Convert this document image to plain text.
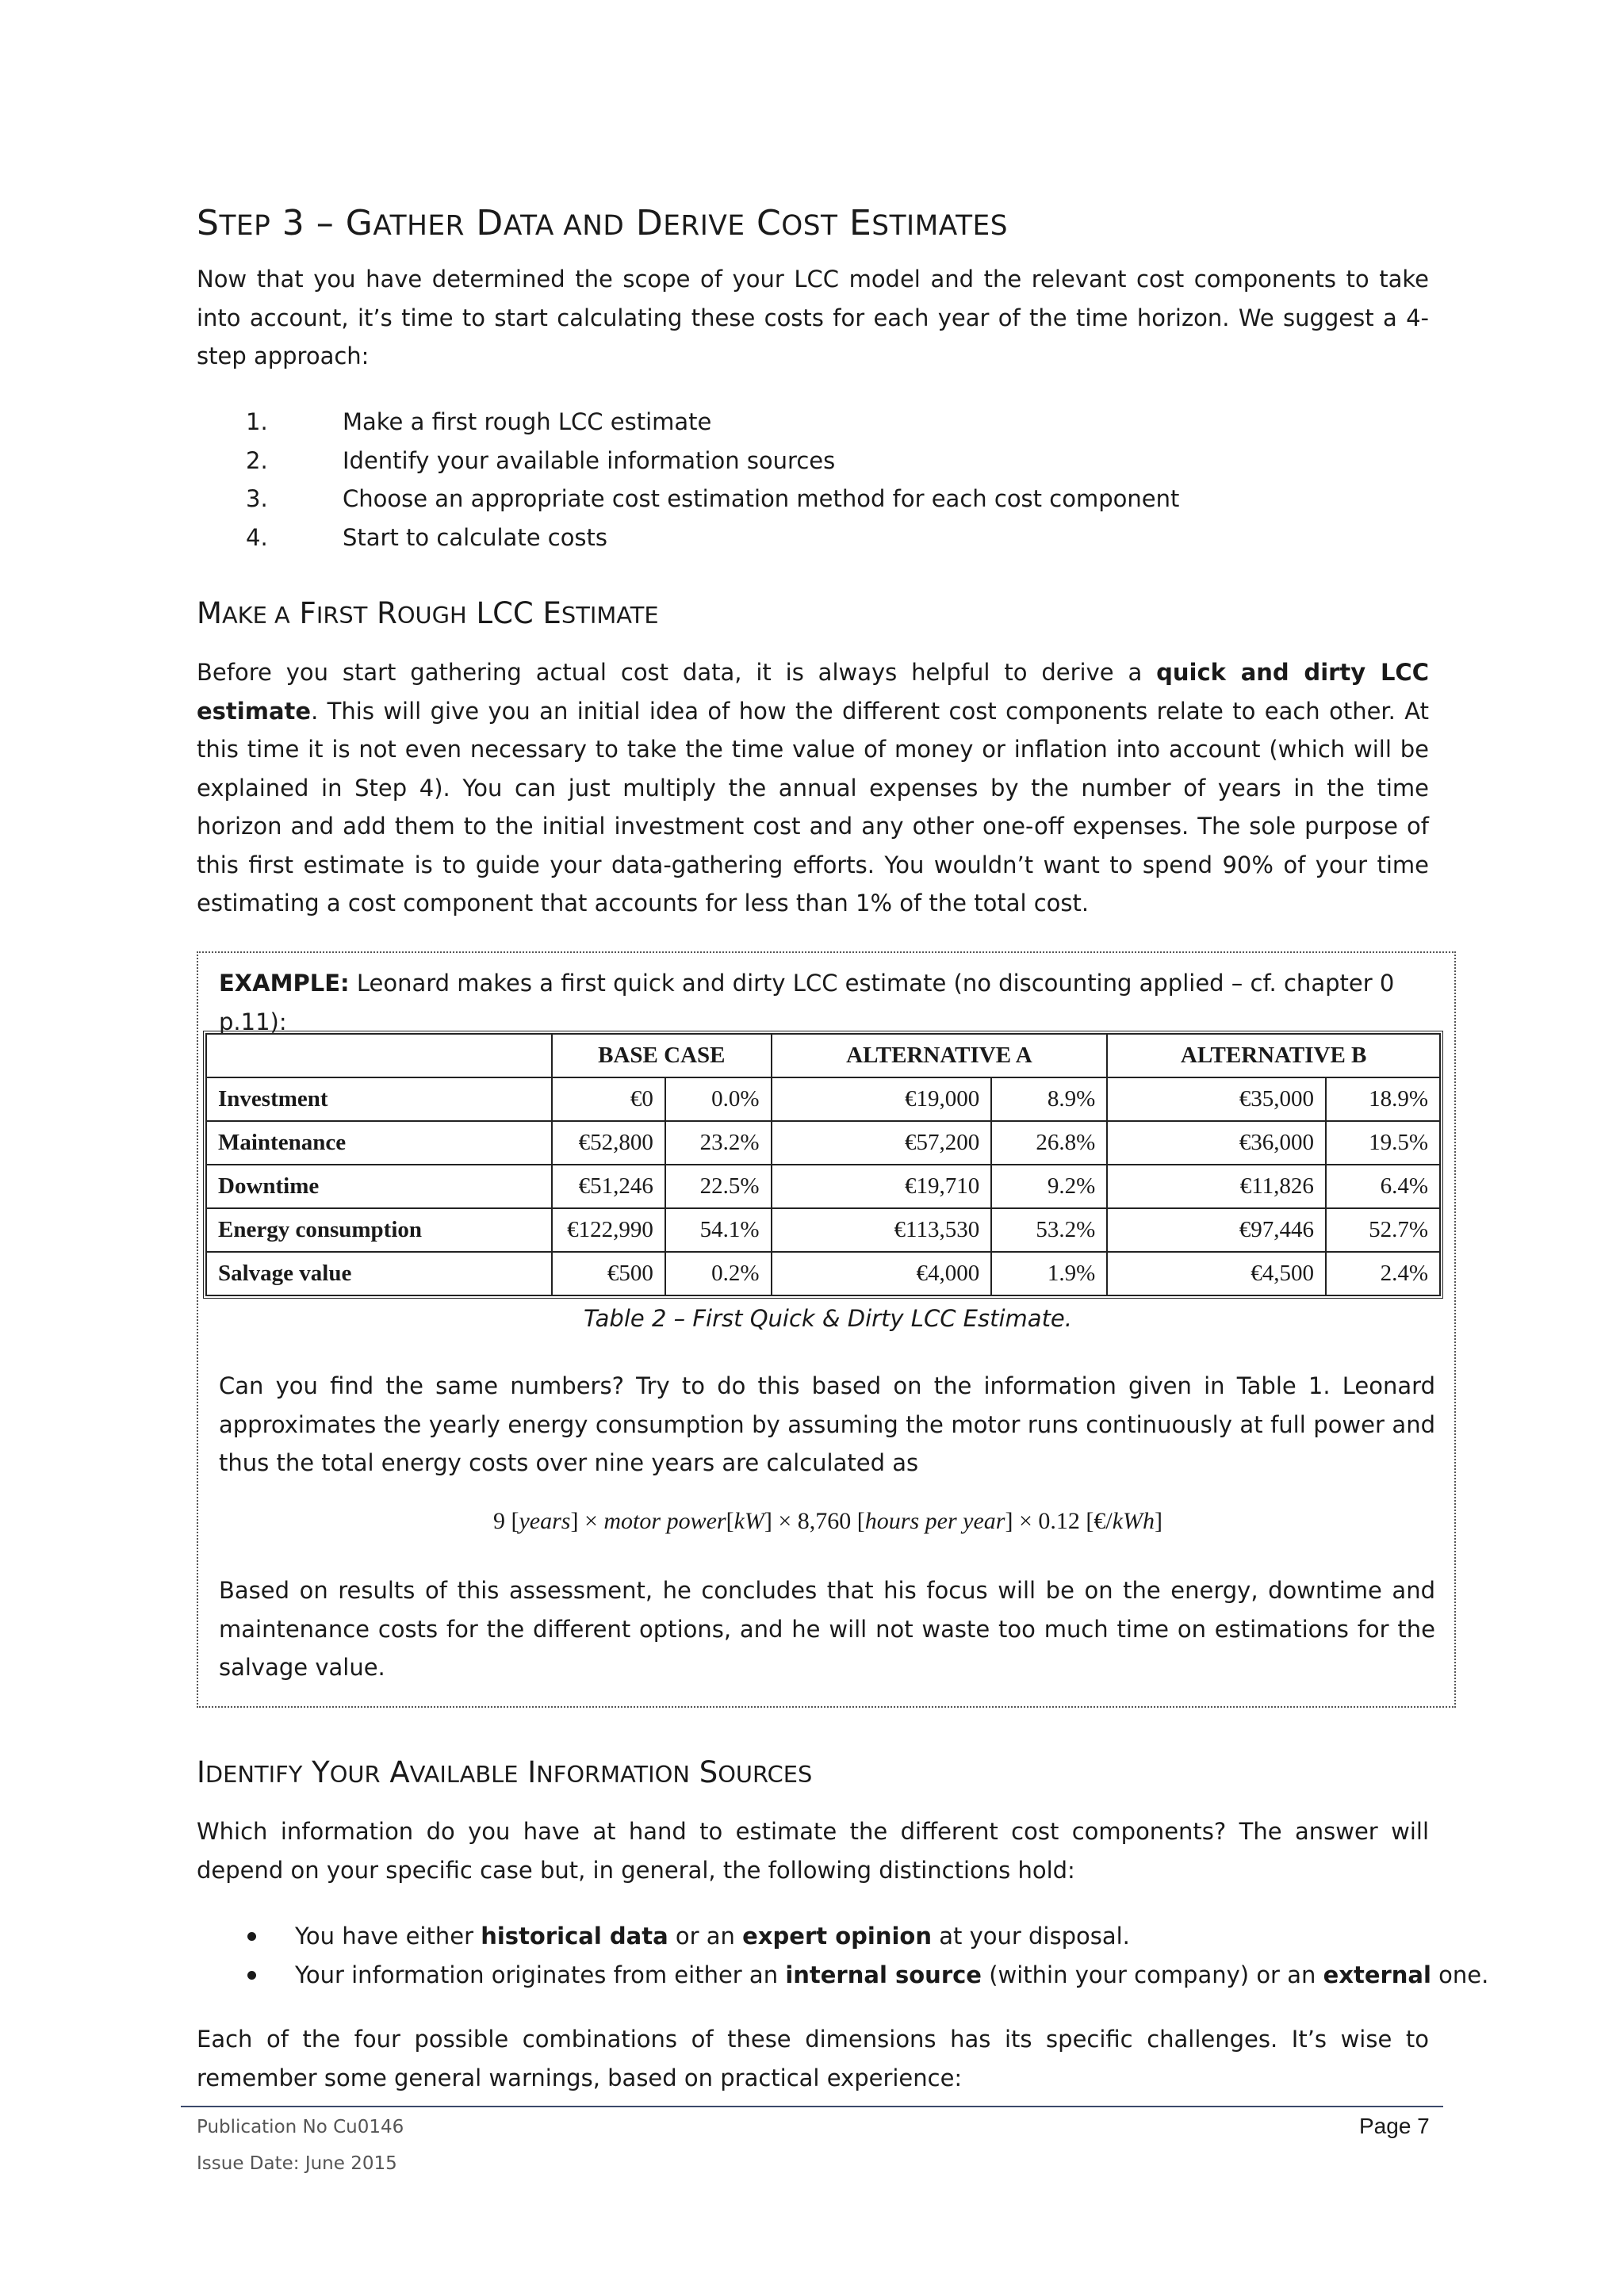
STEP 3 – GATHER DATA AND DERIVE COST ESTIMATES

Now that you have determined the scope of your LCC model and the relevant cost components to take into account, it’s time to start calculating these costs for each year of the time horizon. We suggest a 4-step approach:

1.	Make a first rough LCC estimate
2.	Identify your available information sources
3.	Choose an appropriate cost estimation method for each cost component
4.	Start to calculate costs
MAKE A FIRST ROUGH LCC ESTIMATE

Before you start gathering actual cost data, it is always helpful to derive a quick and dirty LCC estimate. This will give you an initial idea of how the different cost components relate to each other. At this time it is not even necessary to take the time value of money or inflation into account (which will be explained in Step 4). You can just multiply the annual expenses by the number of years in the time horizon and add them to the initial investment cost and any other one-off expenses. The sole purpose of this first estimate is to guide your data-gathering efforts. You wouldn’t want to spend 90% of your time estimating a cost component that accounts for less than 1% of the total cost.

EXAMPLE: Leonard makes a first quick and dirty LCC estimate (no discounting applied – cf. chapter 0 p.11):
	BASE CASE		ALTERNATIVE A		ALTERNATIVE B	
Investment	€0	0.0%	€19,000	8.9%	€35,000	18.9%
Maintenance	€52,800	23.2%	€57,200	26.8%	€36,000	19.5%
Downtime	€51,246	22.5%	€19,710	9.2%	€11,826	6.4%
Energy consumption	€122,990	54.1%	€113,530	53.2%	€97,446	52.7%
Salvage value	€500	0.2%	€4,000	1.9%	€4,500	2.4%
Table 2 – First Quick & Dirty LCC Estimate.

Can you find the same numbers? Try to do this based on the information given in Table 1. Leonard approximates the yearly energy consumption by assuming the motor runs continuously at full power and thus the total energy costs over nine years are calculated as

9 [years] × motor power[kW] × 8,760 [hours per year] × 0.12 [€/kWh]

Based on results of this assessment, he concludes that his focus will be on the energy, downtime and maintenance costs for the different options, and he will not waste too much time on estimations for the salvage value.

IDENTIFY YOUR AVAILABLE INFORMATION SOURCES

Which information do you have at hand to estimate the different cost components? The answer will depend on your specific case but, in general, the following distinctions hold:

You have either historical data or an expert opinion at your disposal.
Your information originates from either an internal source (within your company) or an external one.

Each of the four possible combinations of these dimensions has its specific challenges. It’s wise to remember some general warnings, based on practical experience:

Publication No Cu0146
Issue Date: June 2015
Page 7
